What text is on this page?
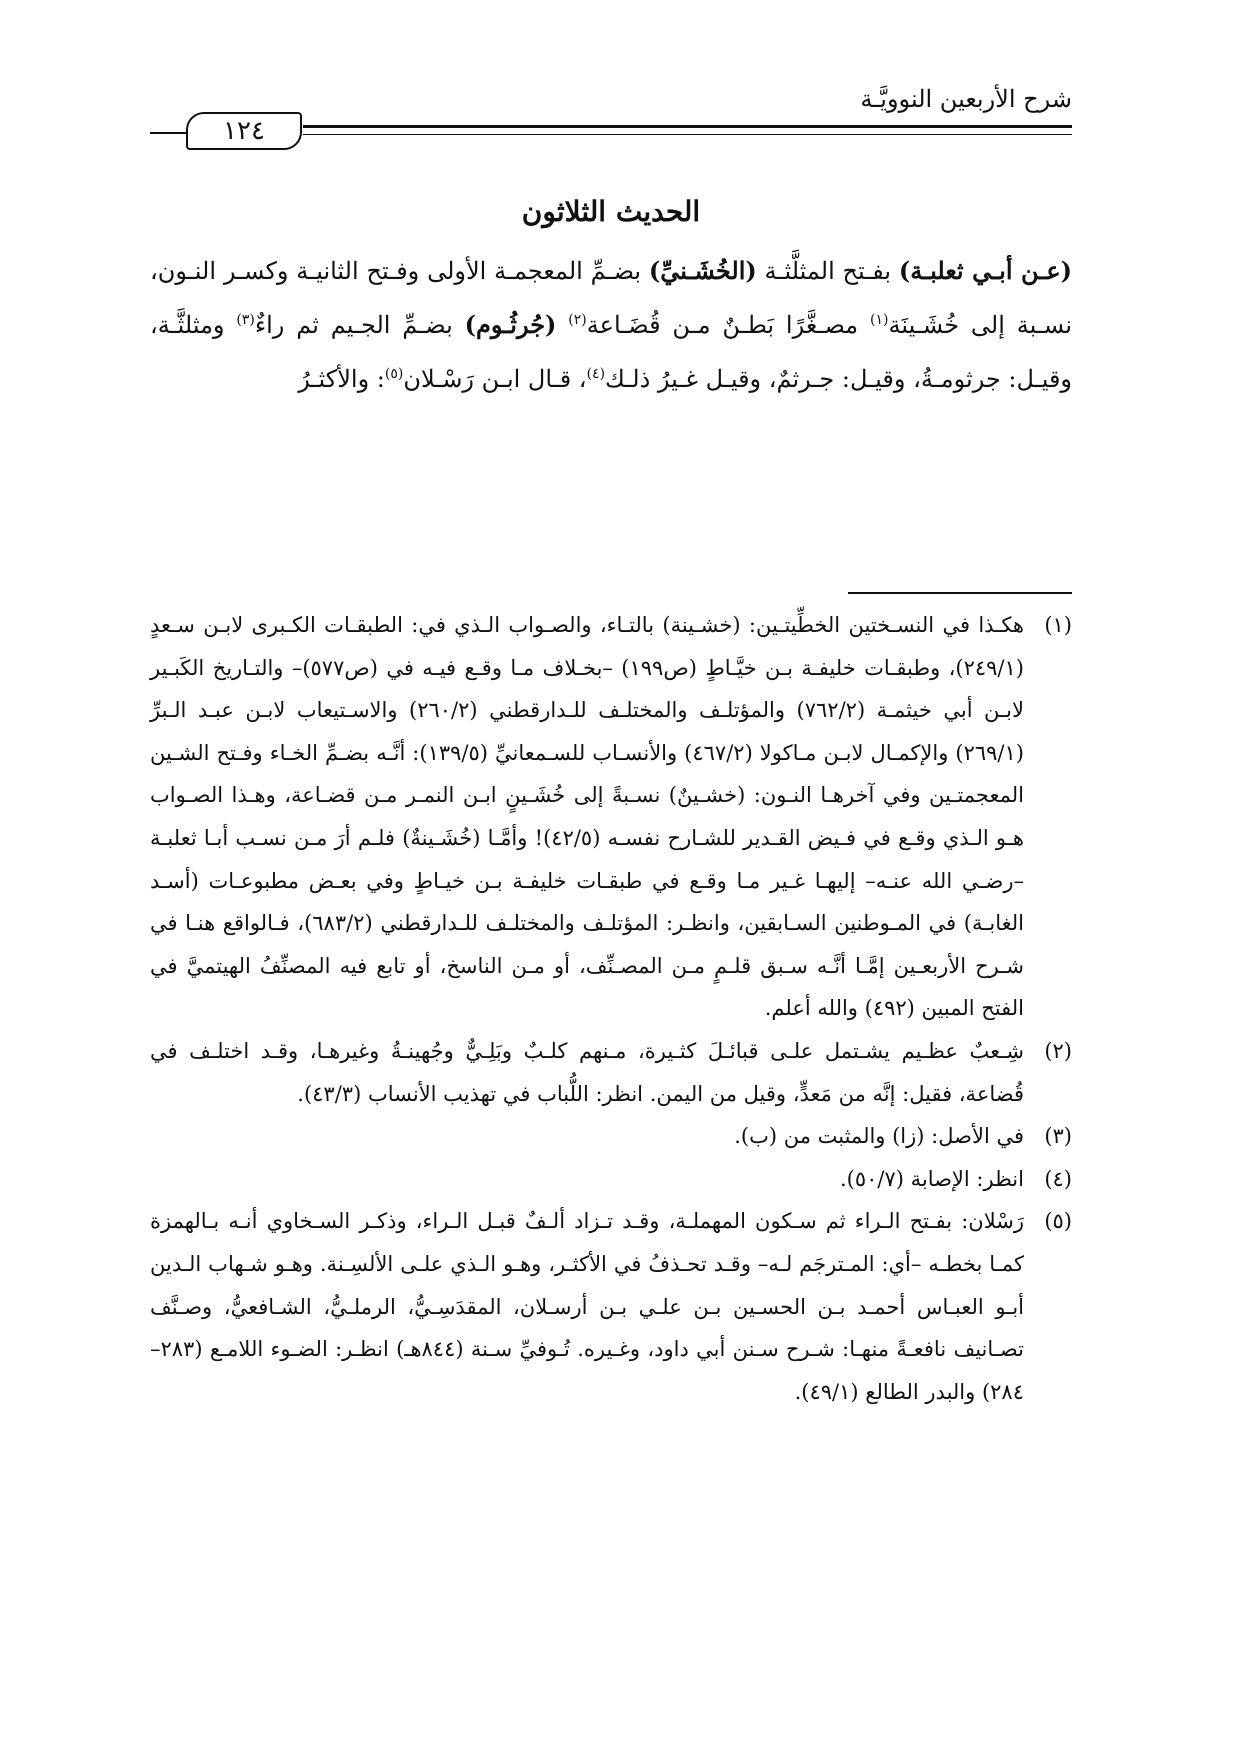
شرح الأربعين النوويَّـة
١٢٤
الحديث الثلاثون
(عـن أبـي ثعلبـة) بفـتح المثلَّثـة (الخُشَـنيِّ) بضـمِّ المعجمـة الأولى وفـتح الثانيـة وكسـر النـون، نسـبة إلى خُشَـينَة$^{(١)}$ مصـغَّرًا بَطـنٌ مـن قُضَـاعة$^{(٢)}$ (جُرثُـوم) بضـمِّ الجـيم ثم راءٌ$^{(٣)}$ ومثلثَّـة، وقيـل: جرثومـةُ، وقيـل: جـرثمٌ، وقيـل غـيرُ ذلـك$^{(٤)}$، قـال ابـن رَسْـلان$^{(٥)}$: والأكثـرُ
(١)
هكـذا في النسـختين الخطِّيتـين: (خشـينة) بالتـاء، والصـواب الـذي في: الطبقـات الكـبرى لابـن سـعدٍ (٢٤٩/١)، وطبقـات خليفـة بـن خيَّـاطٍ (ص١٩٩) –بخـلاف مـا وقـع فيـه في (ص٥٧٧)– والتـاريخ الكَبـير لابـن أبي خيثمـة (٧٦٢/٢) والمؤتلـف والمختلـف للـدارقطني (٢٦٠/٢) والاسـتيعاب لابـن عبـد الـبرِّ (٢٦٩/١) والإكمـال لابـن مـاكولا (٤٦٧/٢) والأنسـاب للسـمعانيِّ (١٣٩/٥): أنَّـه بضـمِّ الخـاء وفـتح الشـين المعجمتـين وفي آخرهـا النـون: (خشـينٌ) نسـبةً إلى خُشَـينٍ ابـن النمـر مـن قضـاعة، وهـذا الصـواب هـو الـذي وقـع في فـيض القـدير للشـارح نفسـه (٤٢/٥)! وأمَّـا (خُشَـينةٌ) فلـم أرَ مـن نسـب أبـا ثعلبـة –رضـي الله عنـه– إليهـا غـير مـا وقـع في طبقـات خليفـة بـن خيـاطٍ وفي بعـض مطبوعـات (أسـد الغابـة) في المـوطنين السـابقين، وانظـر: المؤتلـف والمختلـف للـدارقطني (٦٨٣/٢)، فـالواقع هنـا في شـرح الأربعـين إمَّـا أنَّـه سـبق قلـمٍ مـن المصـنِّف، أو مـن الناسخ، أو تابع فيه المصنِّفُ الهيتميَّ في الفتح المبين (٤٩٢) والله أعلم.
(٢)
شِـعبٌ عظـيم يشـتمل علـى قبائـلَ كثـيرة، مـنهم كلـبٌ وبَلِـيٌّ وجُهينـةُ وغيرهـا، وقـد اختلـف في قُضاعة، فقيل: إنَّه من مَعدٍّ، وقيل من اليمن. انظر: اللُّباب في تهذيب الأنساب (٤٣/٣).
(٣)
في الأصل: (زا) والمثبت من (ب).
(٤)
انظر: الإصابة (٥٠/٧).
(٥)
رَسْلان: بفـتح الـراء ثم سـكون المهملـة، وقـد تـزاد ألـفٌ قبـل الـراء، وذكـر السـخاوي أنـه بـالهمزة كمـا بخطـه –أي: المـترجَم لـه– وقـد تحـذفُ في الأكثـر، وهـو الـذي علـى الألسِـنة. وهـو شـهاب الـدين أبـو العبـاس أحمـد بـن الحسـين بـن علـي بـن أرسـلان، المقدَسِـيُّ، الرملـيُّ، الشـافعيُّ، وصـنَّف تصـانيف نافعـةً منهـا: شـرح سـنن أبي داود، وغـيره. تُـوفيِّ سـنة (٨٤٤هـ) انظـر: الضـوء اللامـع (٢٨٣–٢٨٤) والبدر الطالع (٤٩/١).
